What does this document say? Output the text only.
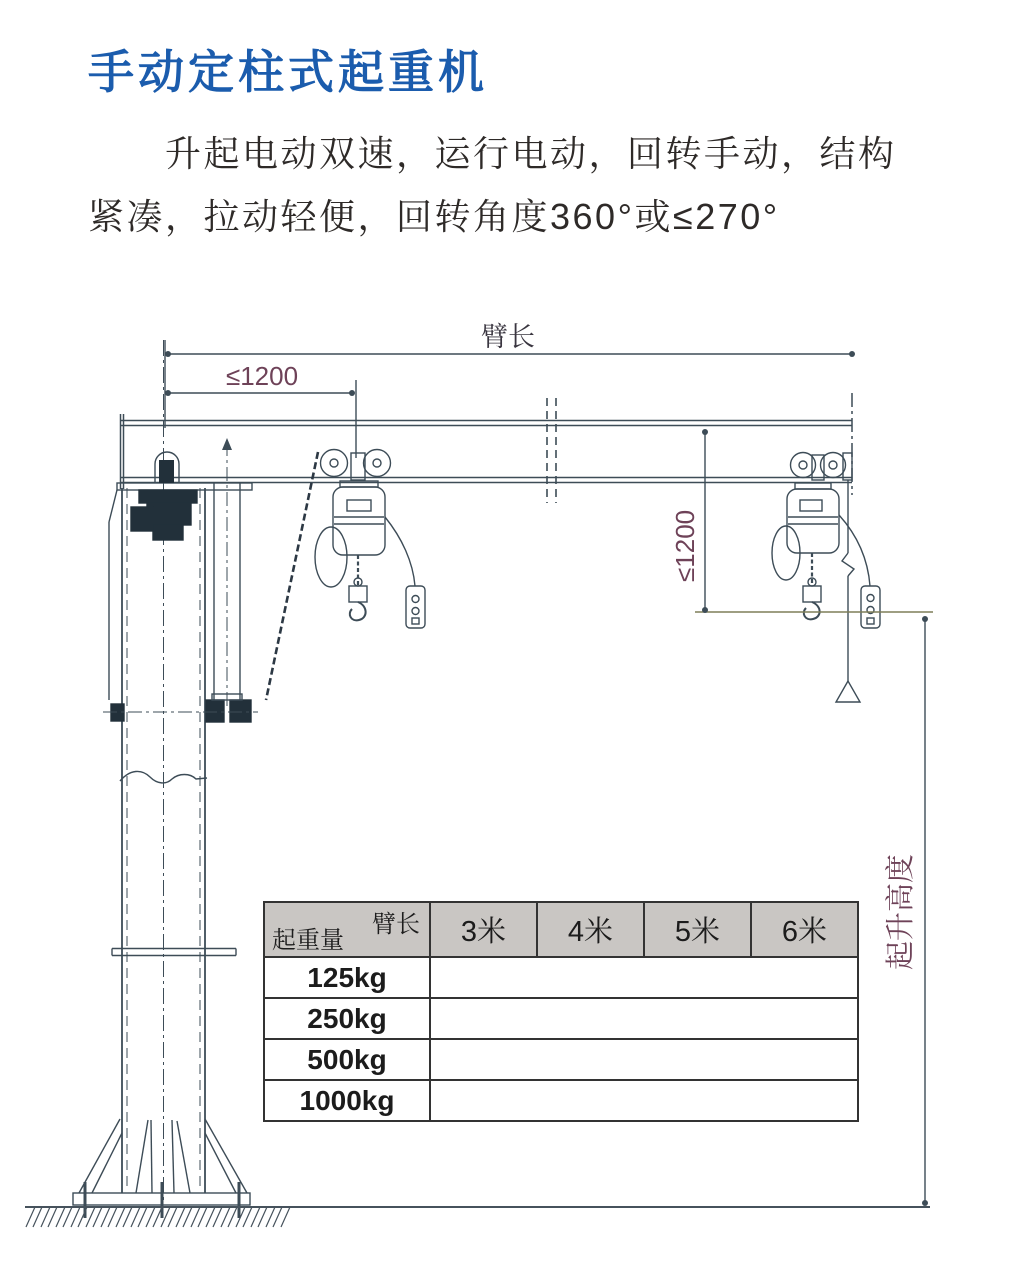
手动定柱式起重机
升起电动双速，运行电动，回转手动，结构
紧凑，拉动轻便，回转角度360°或≤270°
臂长
≤1200
≤1200
起升高度
臂长
起重量	3米	4米	5米	6米
125kg				
250kg				
500kg				
1000kg				
